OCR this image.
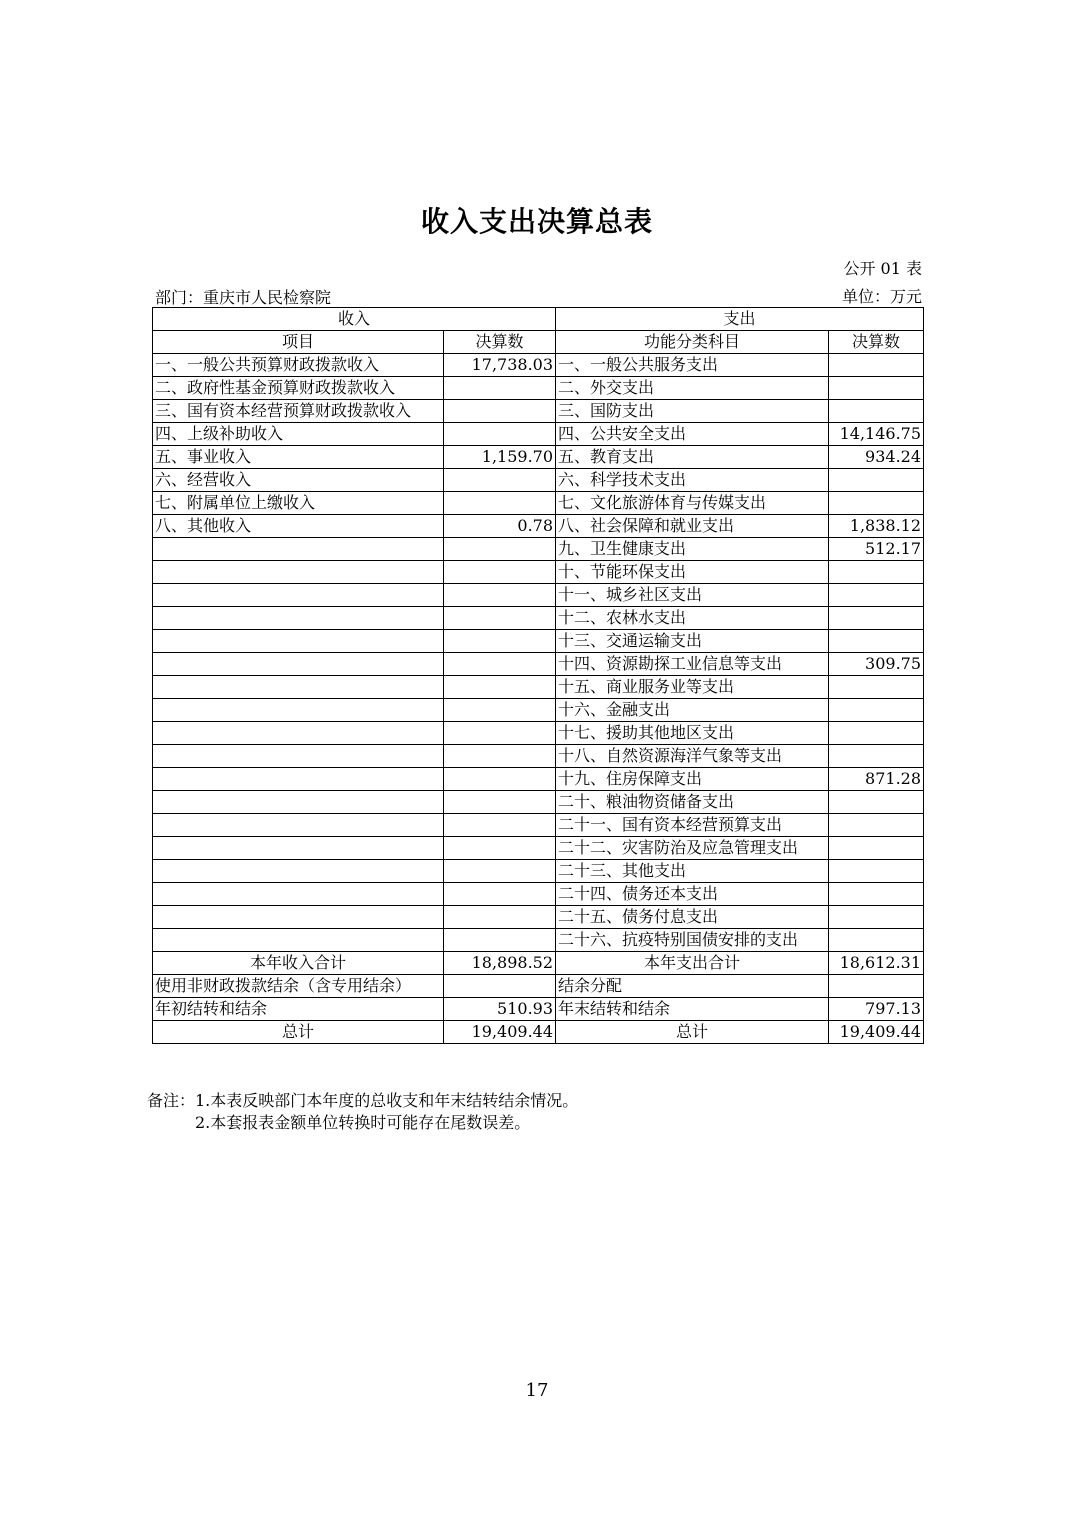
收入支出决算总表
公开 01 表
部门：重庆市人民检察院	单位：万元
收入		支出	
项目	决算数	功能分类科目	决算数
一、一般公共预算财政拨款收入	17,738.03	一、一般公共服务支出	
二、政府性基金预算财政拨款收入		二、外交支出	
三、国有资本经营预算财政拨款收入		三、国防支出	
四、上级补助收入		四、公共安全支出	14,146.75
五、事业收入	1,159.70	五、教育支出	934.24
六、经营收入		六、科学技术支出	
七、附属单位上缴收入		七、文化旅游体育与传媒支出	
八、其他收入	0.78	八、社会保障和就业支出	1,838.12
		九、卫生健康支出	512.17
		十、节能环保支出	
		十一、城乡社区支出	
		十二、农林水支出	
		十三、交通运输支出	
		十四、资源勘探工业信息等支出	309.75
		十五、商业服务业等支出	
		十六、金融支出	
		十七、援助其他地区支出	
		十八、自然资源海洋气象等支出	
		十九、住房保障支出	871.28
		二十、粮油物资储备支出	
		二十一、国有资本经营预算支出	
		二十二、灾害防治及应急管理支出	
		二十三、其他支出	
		二十四、债务还本支出	
		二十五、债务付息支出	
		二十六、抗疫特别国债安排的支出	
本年收入合计	18,898.52	本年支出合计	18,612.31
使用非财政拨款结余（含专用结余）		结余分配	
年初结转和结余	510.93	年末结转和结余	797.13
总计	19,409.44	总计	19,409.44
备注：1.本表反映部门本年度的总收支和年末结转结余情况。
2.本套报表金额单位转换时可能存在尾数误差。
17
